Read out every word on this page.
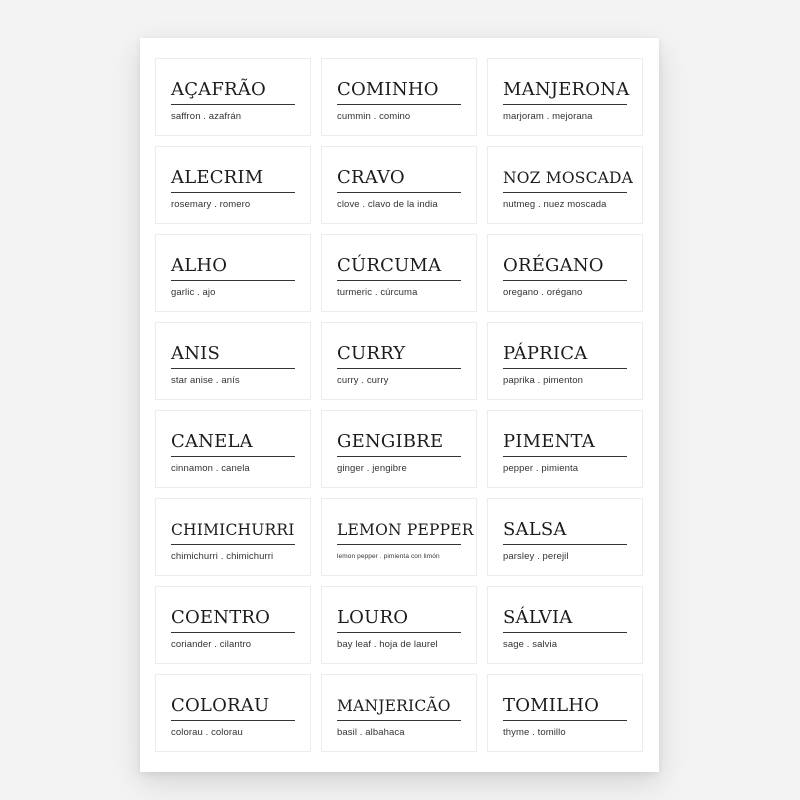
AÇAFRÃO
saffron . azafrán
COMINHO
cummin . comino
MANJERONA
marjoram . mejorana
ALECRIM
rosemary . romero
CRAVO
clove . clavo de la india
NOZ MOSCADA
nutmeg . nuez moscada
ALHO
garlic . ajo
CÚRCUMA
turmeric . cúrcuma
ORÉGANO
oregano . orégano
ANIS
star anise . anís
CURRY
curry . curry
PÁPRICA
paprika . pimenton
CANELA
cinnamon . canela
GENGIBRE
ginger . jengibre
PIMENTA
pepper . pimienta
CHIMICHURRI
chimichurri . chimichurri
LEMON PEPPER
lemon pepper . pimienta con limón
SALSA
parsley . perejil
COENTRO
coriander . cilantro
LOURO
bay leaf . hoja de laurel
SÁLVIA
sage . salvia
COLORAU
colorau . colorau
MANJERICÃO
basil . albahaca
TOMILHO
thyme . tomillo
